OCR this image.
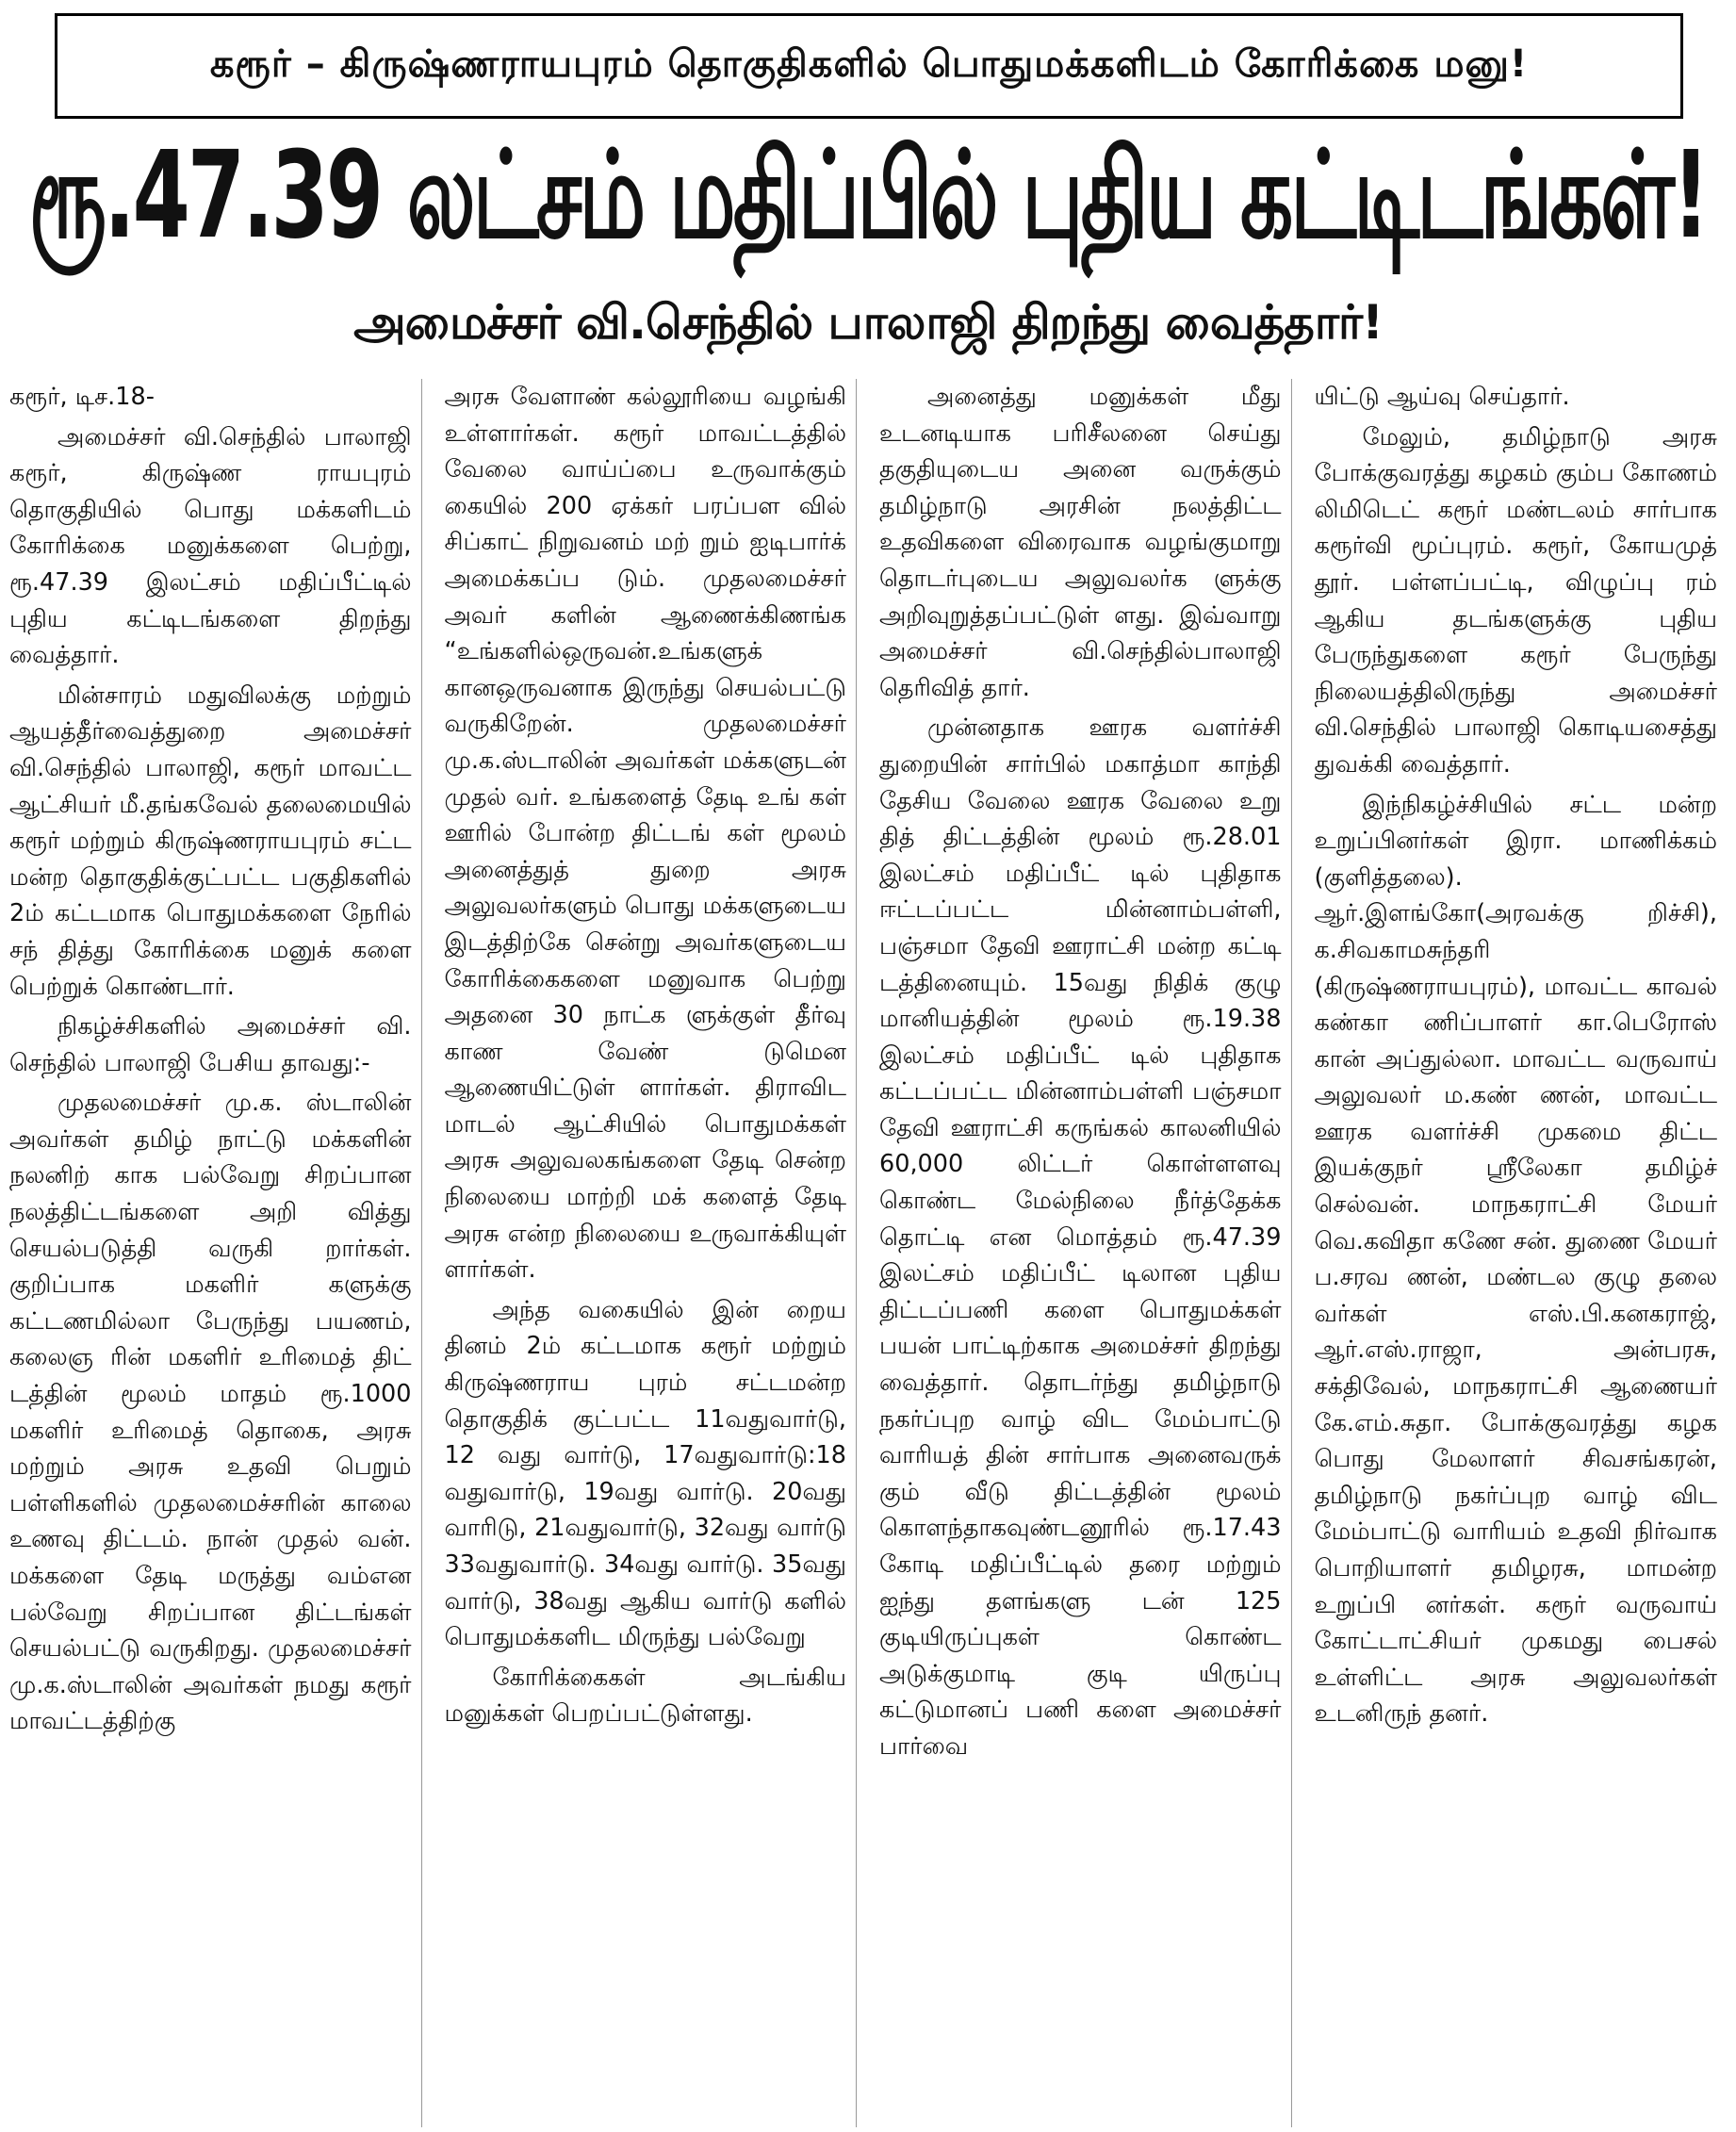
கரூர் – கிருஷ்ணராயபுரம் தொகுதிகளில் பொதுமக்களிடம் கோரிக்கை மனு!
ரூ.47.39 லட்சம் மதிப்பில் புதிய கட்டிடங்கள்!
அமைச்சர் வி.செந்தில் பாலாஜி திறந்து வைத்தார்!

கரூர், டிச.18-

அமைச்சர் வி.செந்தில் பாலாஜி கரூர், கிருஷ்ண ராயபுரம் தொகுதியில் பொது மக்களிடம் கோரிக்கை மனுக்களை பெற்று, ரூ.47.39 இலட்சம் மதிப்பீட்டில் புதிய கட்டிடங்களை திறந்து வைத்தார்.

மின்சாரம் மதுவிலக்கு மற்றும் ஆயத்தீர்வைத்துறை அமைச்சர் வி.செந்தில் பாலாஜி, கரூர் மாவட்ட ஆட்சியர் மீ.தங்கவேல் தலைமையில் கரூர் மற்றும் கிருஷ்ணராயபுரம் சட்ட மன்ற தொகுதிக்குட்பட்ட பகுதிகளில் 2ம் கட்டமாக பொதுமக்களை நேரில் சந் தித்து கோரிக்கை மனுக் களை பெற்றுக் கொண்டார்.

நிகழ்ச்சிகளில் அமைச்சர் வி. செந்தில் பாலாஜி பேசிய தாவது:-

முதலமைச்சர் மு.க. ஸ்டாலின் அவர்கள் தமிழ் நாட்டு மக்களின் நலனிற் காக பல்வேறு சிறப்பான நலத்திட்டங்களை அறி வித்து செயல்படுத்தி வருகி றார்கள். குறிப்பாக மகளிர் களுக்கு கட்டணமில்லா பேருந்து பயணம், கலைஞ ரின் மகளிர் உரிமைத் திட் டத்தின் மூலம் மாதம் ரூ.1000 மகளிர் உரிமைத் தொகை, அரசு மற்றும் அரசு உதவி பெறும் பள்ளிகளில் முதலமைச்சரின் காலை உணவு திட்டம். நான் முதல் வன். மக்களை தேடி மருத்து வம்என பல்வேறு சிறப்பான திட்டங்கள் செயல்பட்டு வருகிறது. முதலமைச்சர் மு.க.ஸ்டாலின் அவர்கள் நமது கரூர் மாவட்டத்திற்கு

அரசு வேளாண் கல்லூரியை வழங்கி உள்ளார்கள். கரூர் மாவட்டத்தில் வேலை வாய்ப்பை உருவாக்கும் கையில் 200 ஏக்கர் பரப்பள வில் சிப்காட் நிறுவனம் மற் றும் ஐடிபார்க் அமைக்கப்ப டும். முதலமைச்சர் அவர் களின் ஆணைக்கிணங்க “உங்களில்ஒருவன்.உங்களுக் கானஒருவனாக இருந்து செயல்பட்டு வருகிறேன். முதலமைச்சர் மு.க.ஸ்டாலின் அவர்கள் மக்களுடன் முதல் வர். உங்களைத் தேடி உங் கள் ஊரில் போன்ற திட்டங் கள் மூலம் அனைத்துத் துறை அரசு அலுவலர்களும் பொது மக்களுடைய இடத்திற்கே சென்று அவர்களுடைய கோரிக்கைகளை மனுவாக பெற்று அதனை 30 நாட்க ளுக்குள் தீர்வு காண வேண் டுமென ஆணையிட்டுள் ளார்கள். திராவிட மாடல் ஆட்சியில் பொதுமக்கள் அரசு அலுவலகங்களை தேடி சென்ற நிலையை மாற்றி மக் களைத் தேடி அரசு என்ற நிலையை உருவாக்கியுள் ளார்கள்.

அந்த வகையில் இன் றைய தினம் 2ம் கட்டமாக கரூர் மற்றும் கிருஷ்ணராய புரம் சட்டமன்ற தொகுதிக் குட்பட்ட 11வதுவார்டு, 12 வது வார்டு, 17வதுவார்டு:18 வதுவார்டு, 19வது வார்டு. 20வது வாரிடு, 21வதுவார்டு, 32வது வார்டு 33வதுவார்டு. 34வது வார்டு. 35வது வார்டு, 38வது ஆகிய வார்டு களில் பொதுமக்களிட மிருந்து பல்வேறு

கோரிக்கைகள் அடங்கிய மனுக்கள் பெறப்பட்டுள்ளது.

அனைத்து மனுக்கள் மீது உடனடியாக பரிசீலனை செய்து தகுதியுடைய அனை வருக்கும் தமிழ்நாடு அரசின் நலத்திட்ட உதவிகளை விரைவாக வழங்குமாறு தொடர்புடைய அலுவலர்க ளுக்கு அறிவுறுத்தப்பட்டுள் ளது. இவ்வாறு அமைச்சர் வி.செந்தில்பாலாஜி தெரிவித் தார்.

முன்னதாக ஊரக வளர்ச்சி துறையின் சார்பில் மகாத்மா காந்தி தேசிய வேலை ஊரக வேலை உறு தித் திட்டத்தின் மூலம் ரூ.28.01 இலட்சம் மதிப்பீட் டில் புதிதாக ஈட்டப்பட்ட மின்னாம்பள்ளி, பஞ்சமா தேவி ஊராட்சி மன்ற கட்டி டத்தினையும். 15வது நிதிக் குழு மானியத்தின் மூலம் ரூ.19.38 இலட்சம் மதிப்பீட் டில் புதிதாக கட்டப்பட்ட மின்னாம்பள்ளி பஞ்சமா தேவி ஊராட்சி கருங்கல் காலனியில் 60,000 லிட்டர் கொள்ளளவு கொண்ட மேல்நிலை நீர்த்தேக்க தொட்டி என மொத்தம் ரூ.47.39 இலட்சம் மதிப்பீட் டிலான புதிய திட்டப்பணி களை பொதுமக்கள் பயன் பாட்டிற்காக அமைச்சர் திறந்து வைத்தார். தொடர்ந்து தமிழ்நாடு நகர்ப்புற வாழ் விட மேம்பாட்டு வாரியத் தின் சார்பாக அனைவருக் கும் வீடு திட்டத்தின் மூலம் கொளந்தாகவுண்டனூரில் ரூ.17.43 கோடி மதிப்பீட்டில் தரை மற்றும் ஐந்து தளங்களு டன் 125 குடியிருப்புகள் கொண்ட அடுக்குமாடி குடி யிருப்பு கட்டுமானப் பணி களை அமைச்சர் பார்வை

யிட்டு ஆய்வு செய்தார்.

மேலும், தமிழ்நாடு அரசு போக்குவரத்து கழகம் கும்ப கோணம் லிமிடெட் கரூர் மண்டலம் சார்பாக கரூர்வி மூப்புரம். கரூர், கோயமுத் தூர். பள்ளப்பட்டி, விழுப்பு ரம் ஆகிய தடங்களுக்கு புதிய பேருந்துகளை கரூர் பேருந்து நிலையத்திலிருந்து அமைச்சர் வி.செந்தில் பாலாஜி கொடியசைத்து துவக்கி வைத்தார்.

இந்நிகழ்ச்சியில் சட்ட மன்ற உறுப்பினர்கள் இரா. மாணிக்கம் (குளித்தலை). ஆர்.இளங்கோ(அரவக்கு றிச்சி), க.சிவகாமசுந்தரி (கிருஷ்ணராயபுரம்), மாவட்ட காவல் கண்கா ணிப்பாளர் கா.பெரோஸ் கான் அப்துல்லா. மாவட்ட வருவாய் அலுவலர் ம.கண் ணன், மாவட்ட ஊரக வளர்ச்சி முகமை திட்ட இயக்குநர் ஸ்ரீலேகா தமிழ்ச் செல்வன். மாநகராட்சி மேயர் வெ.கவிதா கணே சன். துணை மேயர் ப.சரவ ணன், மண்டல குழு தலை வர்கள் எஸ்.பி.கனகராஜ், ஆர்.எஸ்.ராஜா, அன்பரசு, சக்திவேல், மாநகராட்சி ஆணையர் கே.எம்.சுதா. போக்குவரத்து கழக பொது மேலாளர் சிவசங்கரன், தமிழ்நாடு நகர்ப்புற வாழ் விட மேம்பாட்டு வாரியம் உதவி நிர்வாக பொறியாளர் தமிழரசு, மாமன்ற உறுப்பி னர்கள். கரூர் வருவாய் கோட்டாட்சியர் முகமது பைசல் உள்ளிட்ட அரசு அலுவலர்கள் உடனிருந் தனர்.
